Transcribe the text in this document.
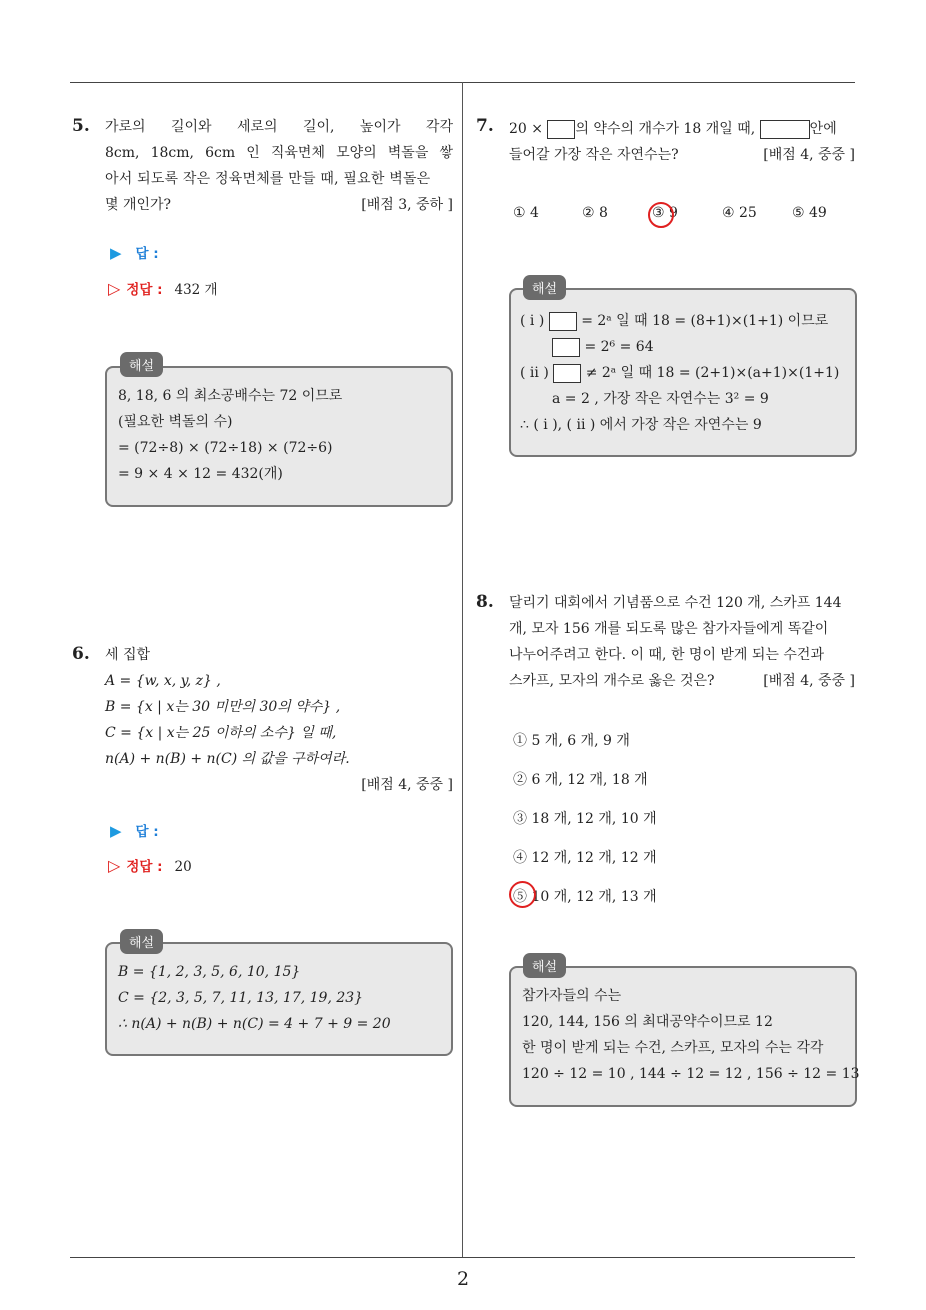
2
5. 가로의 길이와 세로의 길이, 높이가 각각
8cm, 18cm, 6cm 인 직육면체 모양의 벽돌을 쌓
아서 되도록 작은 정육면체를 만들 때, 필요한 벽돌은
몇 개인가?	[배점 3, 중하 ]
▶ 답 :
▷ 정답 : 432 개
해설
8, 18, 6 의 최소공배수는 72 이므로
(필요한 벽돌의 수)
= (72÷8) × (72÷18) × (72÷6)
= 9 × 4 × 12 = 432(개)
6. 세 집합
A = {w, x, y, z} ,
B = {x | x는 30 미만의 30의 약수} ,
C = {x | x는 25 이하의 소수} 일 때,
n(A) + n(B) + n(C) 의 값을 구하여라.
[배점 4, 중중 ]
▶ 답 :
▷ 정답 : 20
해설
B = {1, 2, 3, 5, 6, 10, 15}
C = {2, 3, 5, 7, 11, 13, 17, 19, 23}
∴ n(A) + n(B) + n(C) = 4 + 7 + 9 = 20
7. 20 × 의 약수의 개수가 18 개일 때,	안에
들어갈 가장 작은 자연수는?	[배점 4, 중중 ]
① 4	② 8	③ 9	④ 25	⑤ 49
해설
( i )	= 2ᵃ 일 때 18 = (8+1)×(1+1) 이므로
= 2⁶ = 64
( ii )	≠ 2ᵃ 일 때 18 = (2+1)×(a+1)×(1+1)
a = 2 , 가장 작은 자연수는 3² = 9
∴ ( i ), ( ii ) 에서 가장 작은 자연수는 9
8. 달리기 대회에서 기념품으로 수건 120 개, 스카프 144
개, 모자 156 개를 되도록 많은 참가자들에게 똑같이
나누어주려고 한다. 이 때, 한 명이 받게 되는 수건과
스카프, 모자의 개수로 옳은 것은?	[배점 4, 중중 ]
① 5 개, 6 개, 9 개
② 6 개, 12 개, 18 개
③ 18 개, 12 개, 10 개
④ 12 개, 12 개, 12 개
⑤ 10 개, 12 개, 13 개
해설
참가자들의 수는
120, 144, 156 의 최대공약수이므로 12
한 명이 받게 되는 수건, 스카프, 모자의 수는 각각
120 ÷ 12 = 10 , 144 ÷ 12 = 12 , 156 ÷ 12 = 13
